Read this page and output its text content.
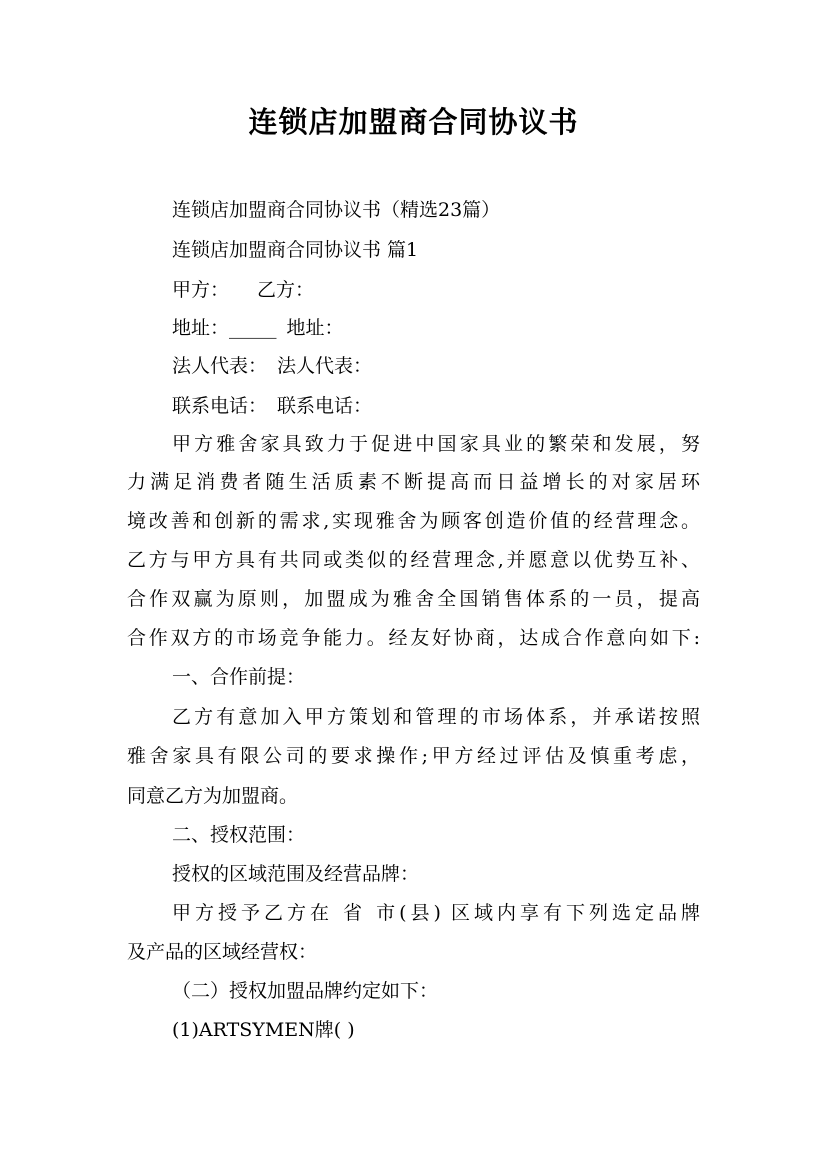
连锁店加盟商合同协议书
连锁店加盟商合同协议书（精选23篇）
连锁店加盟商合同协议书 篇1
甲方： 乙方：
地址：_____ 地址：
法人代表： 法人代表：
联系电话： 联系电话：
甲方雅舍家具致力于促进中国家具业的繁荣和发展，努
力满足消费者随生活质素不断提高而日益增长的对家居环
境改善和创新的需求,实现雅舍为顾客创造价值的经营理念。
乙方与甲方具有共同或类似的经营理念,并愿意以优势互补、
合作双赢为原则，加盟成为雅舍全国销售体系的一员，提高
合作双方的市场竞争能力。经友好协商，达成合作意向如下:
一、合作前提：
乙方有意加入甲方策划和管理的市场体系，并承诺按照
雅舍家具有限公司的要求操作;甲方经过评估及慎重考虑，
同意乙方为加盟商。
二、授权范围：
授权的区域范围及经营品牌：
甲方授予乙方在 省 市(县) 区域内享有下列选定品牌
及产品的区域经营权：
（二）授权加盟品牌约定如下：
(1)ARTSYMEN牌( )
